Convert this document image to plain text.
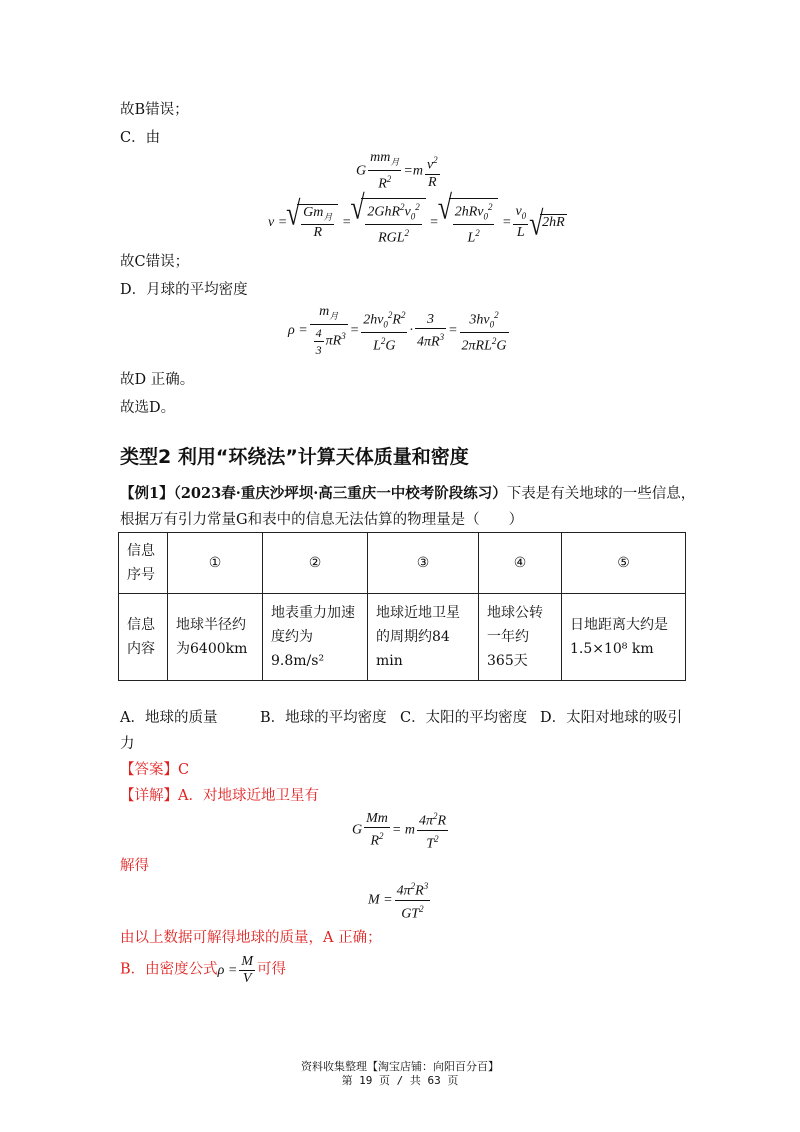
故B错误；
C．由
G $\frac{mm_月}{R^2} =m \frac{v^2}{R}$
v = √ $\frac{Gm_月}{R}$ = √ $\frac{2GhR^2v_0^2}{RGL^2}$ = √ $\frac{2hRv_0^2}{L^2} = \frac{v_0}{L}$ √ 2hR
故C错误；
D．月球的平均密度
$\rho = \frac{m_月}{\frac{4}{3} \pi R^3} = \frac{2hv_0^2R^2}{L^2G} \cdot \frac{3}{4\pi R^3} = \frac{3hv_0^2}{2\pi RL^2G}$
故D 正确。
故选D。
类型2 利用“环绕法”计算天体质量和密度
【例1】（2023春·重庆沙坪坝·高三重庆一中校考阶段练习）下表是有关地球的一些信息，
根据万有引力常量G和表中的信息无法估算的物理量是（　　）
信息序号	①	②	③	④	⑤
信息内容	地球半径约为6400km	地表重力加速度约为9.8m/s²	地球近地卫星的周期约84 min	地球公转一年约365天	日地距离大约是1.5×10⁸ km
A．地球的质量	B．地球的平均密度 C．太阳的平均密度 D．太阳对地球的吸引
力
【答案】C
【详解】A．对地球近地卫星有
G $\frac{Mm}{R^2} = m \frac{4\pi^2R}{T^2}$
解得
$M = \frac{4\pi^2R^3}{GT^2}$
由以上数据可解得地球的质量，A 正确；
B．由密度公式$\rho = \frac{M}{V}$ 可得
资料收集整理【淘宝店铺：向阳百分百】
第 19 页 / 共 63 页
